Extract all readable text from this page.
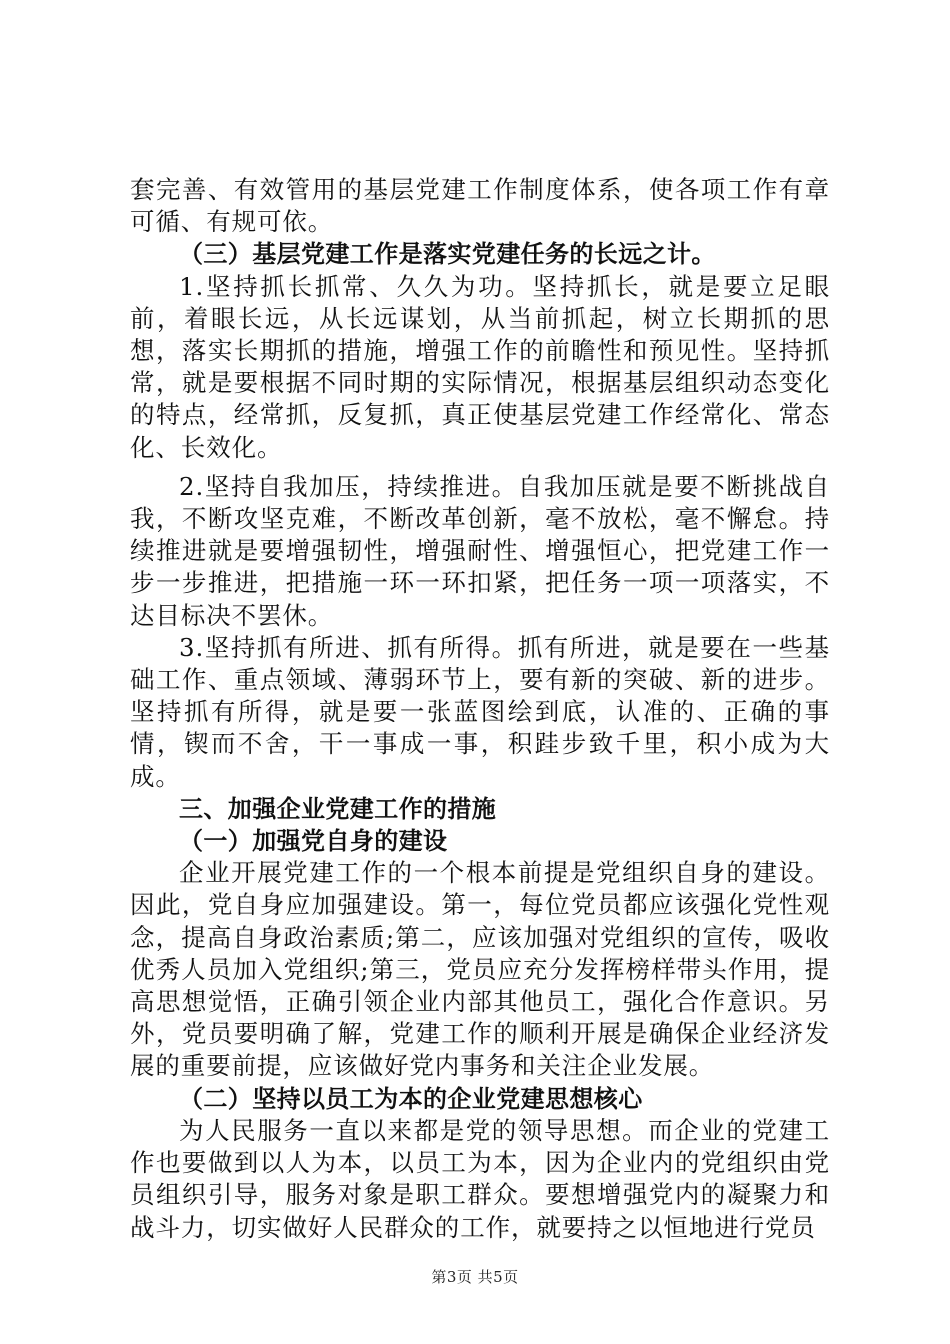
套完善、有效管用的基层党建工作制度体系，使各项工作有章可循、有规可依。

（三）基层党建工作是落实党建任务的长远之计。

1.坚持抓长抓常、久久为功。坚持抓长，就是要立足眼前，着眼长远，从长远谋划，从当前抓起，树立长期抓的思想，落实长期抓的措施，增强工作的前瞻性和预见性。坚持抓常，就是要根据不同时期的实际情况，根据基层组织动态变化的特点，经常抓，反复抓，真正使基层党建工作经常化、常态化、长效化。

2.坚持自我加压，持续推进。自我加压就是要不断挑战自我，不断攻坚克难，不断改革创新，毫不放松，毫不懈怠。持续推进就是要增强韧性，增强耐性、增强恒心，把党建工作一步一步推进，把措施一环一环扣紧，把任务一项一项落实，不达目标决不罢休。

3.坚持抓有所进、抓有所得。抓有所进，就是要在一些基础工作、重点领域、薄弱环节上，要有新的突破、新的进步。坚持抓有所得，就是要一张蓝图绘到底，认准的、正确的事情，锲而不舍，干一事成一事，积跬步致千里，积小成为大成。

三、加强企业党建工作的措施

（一）加强党自身的建设

企业开展党建工作的一个根本前提是党组织自身的建设。因此，党自身应加强建设。第一，每位党员都应该强化党性观念，提高自身政治素质;第二，应该加强对党组织的宣传，吸收优秀人员加入党组织;第三，党员应充分发挥榜样带头作用，提高思想觉悟，正确引领企业内部其他员工，强化合作意识。另外，党员要明确了解，党建工作的顺利开展是确保企业经济发展的重要前提，应该做好党内事务和关注企业发展。

（二）坚持以员工为本的企业党建思想核心

为人民服务一直以来都是党的领导思想。而企业的党建工作也要做到以人为本，以员工为本，因为企业内的党组织由党员组织引导，服务对象是职工群众。要想增强党内的凝聚力和战斗力，切实做好人民群众的工作，就要持之以恒地进行党员

第3页 共5页
